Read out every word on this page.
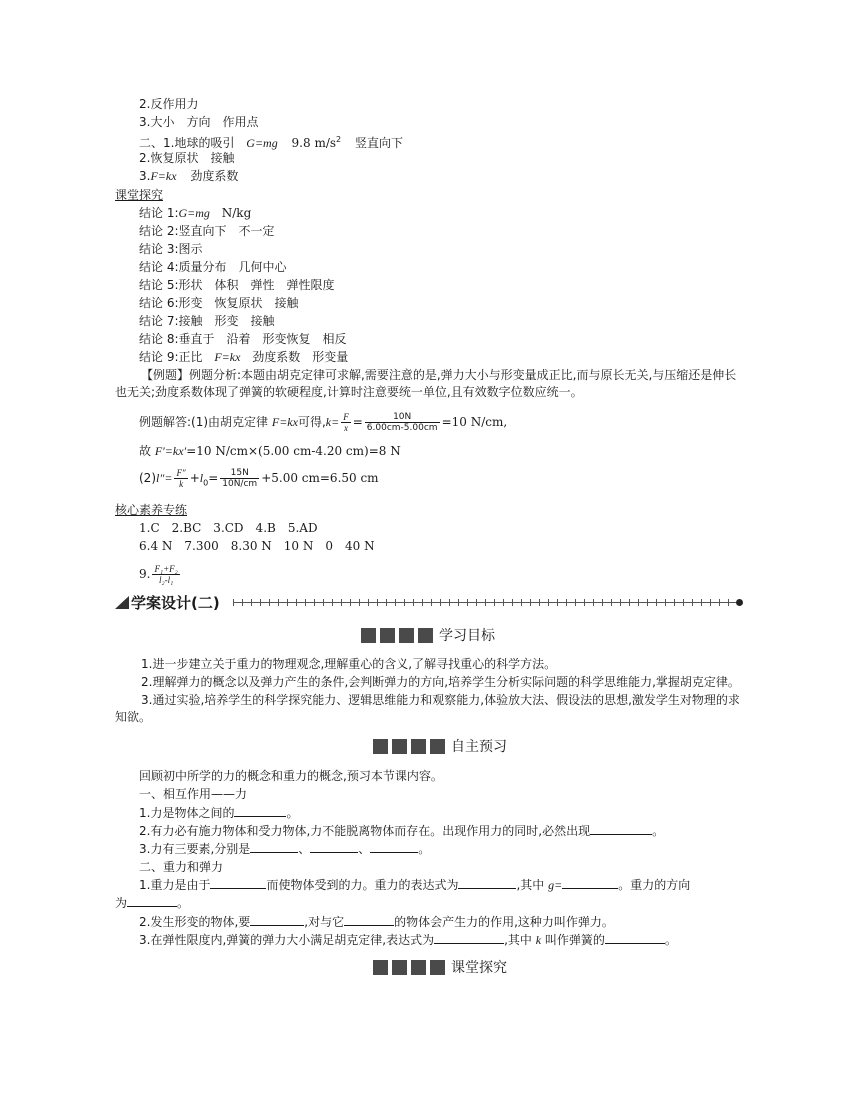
2.反作用力
3.大小　方向　作用点
二、1.地球的吸引 G=mg 9.8 $m/s^2$ 竖直向下
2.恢复原状　接触
3.F=kx 劲度系数
课堂探究
结论 1:G=mg N/kg
结论 2:竖直向下　不一定
结论 3:图示
结论 4:质量分布　几何中心
结论 5:形状　体积　弹性　弹性限度
结论 6:形变　恢复原状　接触
结论 7:接触　形变　接触
结论 8:垂直于　沿着　形变恢复　相反
结论 9:正比 F=kx 劲度系数　形变量
【例题】例题分析:本题由胡克定律可求解,需要注意的是,弹力大小与形变量成正比,而与原长无关,与压缩还是伸长也无关;劲度系数体现了弹簧的软硬程度,计算时注意要统一单位,且有效数字位数应统一。
例题解答:(1)由胡克定律 F=kx可得$,k= \frac{F}{x} = \frac{10N}{6.00cm-5.00cm} =10$ N/cm,
故 F′=kx′=10 N/cm×(5.00 cm-4.20 cm)=8 N
$(2)l''= \frac{F''}{k} +l_0= \frac{15N}{10N/cm} +5.00$ cm=6.50 cm
核心素养专练
1.C　2.BC　3.CD　4.B　5.AD
6.4 N　7.300　8.30 N　10 N　0　40 N
9. $\frac{\text{F₁+F₂}}{\text{l₂-l₁}}$
学案设计(二)
学习目标
1.进一步建立关于重力的物理观念,理解重心的含义,了解寻找重心的科学方法。
2.理解弹力的概念以及弹力产生的条件,会判断弹力的方向,培养学生分析实际问题的科学思维能力,掌握胡克定律。
3.通过实验,培养学生的科学探究能力、逻辑思维能力和观察能力,体验放大法、假设法的思想,激发学生对物理的求知欲。
自主预习
回顾初中所学的力的概念和重力的概念,预习本节课内容。
一、相互作用——力
1.力是物体之间的	。
2.有力必有施力物体和受力物体,力不能脱离物体而存在。出现作用力的同时,必然出现	。
3.力有三要素,分别是	、	、	。
二、重力和弹力
1.重力是由于	而使物体受到的力。重力的表达式为	,其中 g=	。重力的方向
为	。
2.发生形变的物体,要	,对与它	的物体会产生力的作用,这种力叫作弹力。
3.在弹性限度内,弹簧的弹力大小满足胡克定律,表达式为	,其中 k 叫作弹簧的	。
课堂探究
